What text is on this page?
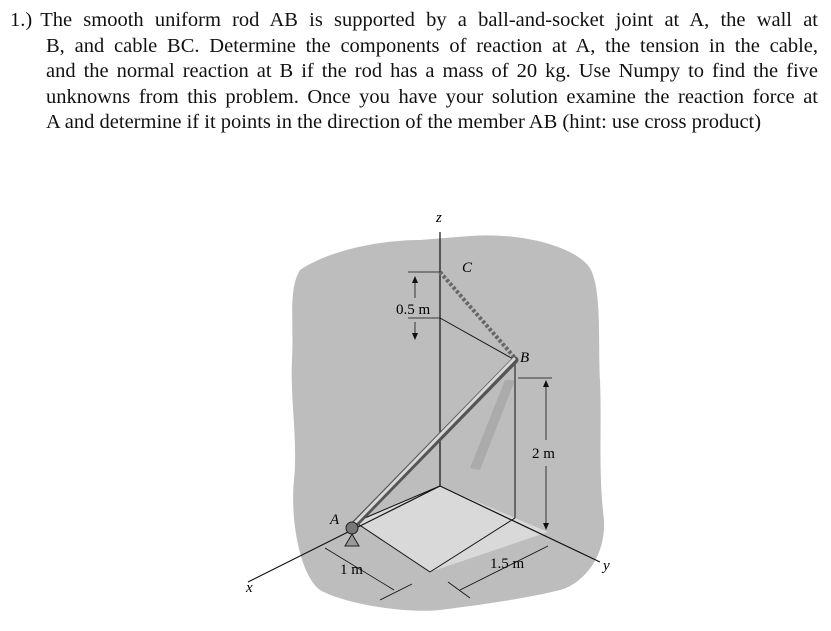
1.) The smooth uniform rod AB is supported by a ball-and-socket joint at A, the wall at
B, and cable BC. Determine the components of reaction at A, the tension in the cable,
and the normal reaction at B if the rod has a mass of 20 kg. Use Numpy to find the five
unknowns from this problem. Once you have your solution examine the reaction force at
A and determine if it points in the direction of the member AB (hint: use cross product)
z
C
B
A
x
y
0.5 m
2 m
1 m	1.5 m
